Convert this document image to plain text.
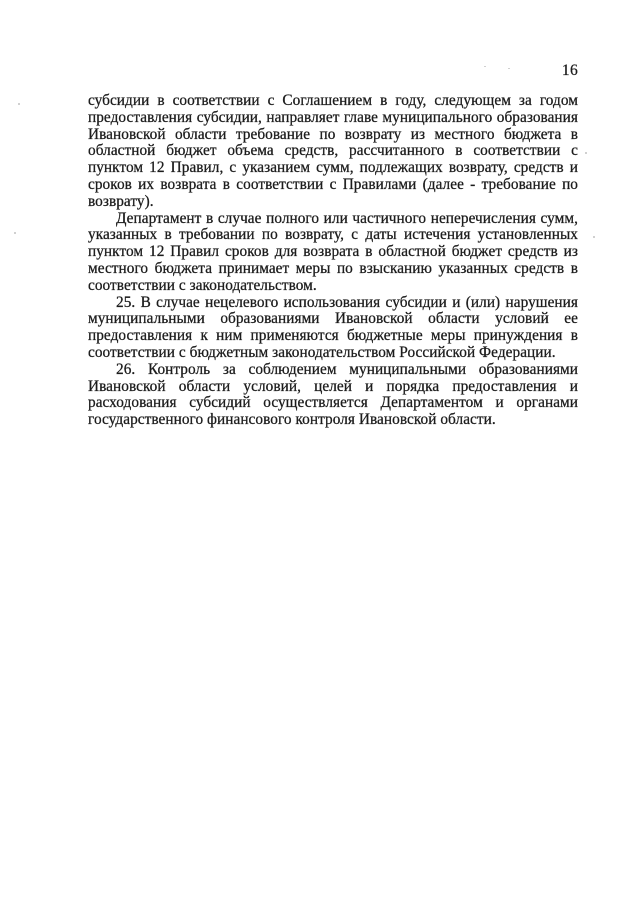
16
субсидии в соответствии с Соглашением в году, следующем за годом
предоставления субсидии, направляет главе муниципального образования
Ивановской области требование по возврату из местного бюджета в
областной бюджет объема средств, рассчитанного в соответствии с
пунктом 12 Правил, с указанием сумм, подлежащих возврату, средств и
сроков их возврата в соответствии с Правилами (далее - требование по
возврату).
Департамент в случае полного или частичного неперечисления сумм,
указанных в требовании по возврату, с даты истечения установленных
пунктом 12 Правил сроков для возврата в областной бюджет средств из
местного бюджета принимает меры по взысканию указанных средств в
соответствии с законодательством.
25. В случае нецелевого использования субсидии и (или) нарушения
муниципальными образованиями Ивановской области условий ее
предоставления к ним применяются бюджетные меры принуждения в
соответствии с бюджетным законодательством Российской Федерации.
26. Контроль за соблюдением муниципальными образованиями
Ивановской области условий, целей и порядка предоставления и
расходования субсидий осуществляется Департаментом и органами
государственного финансового контроля Ивановской области.
